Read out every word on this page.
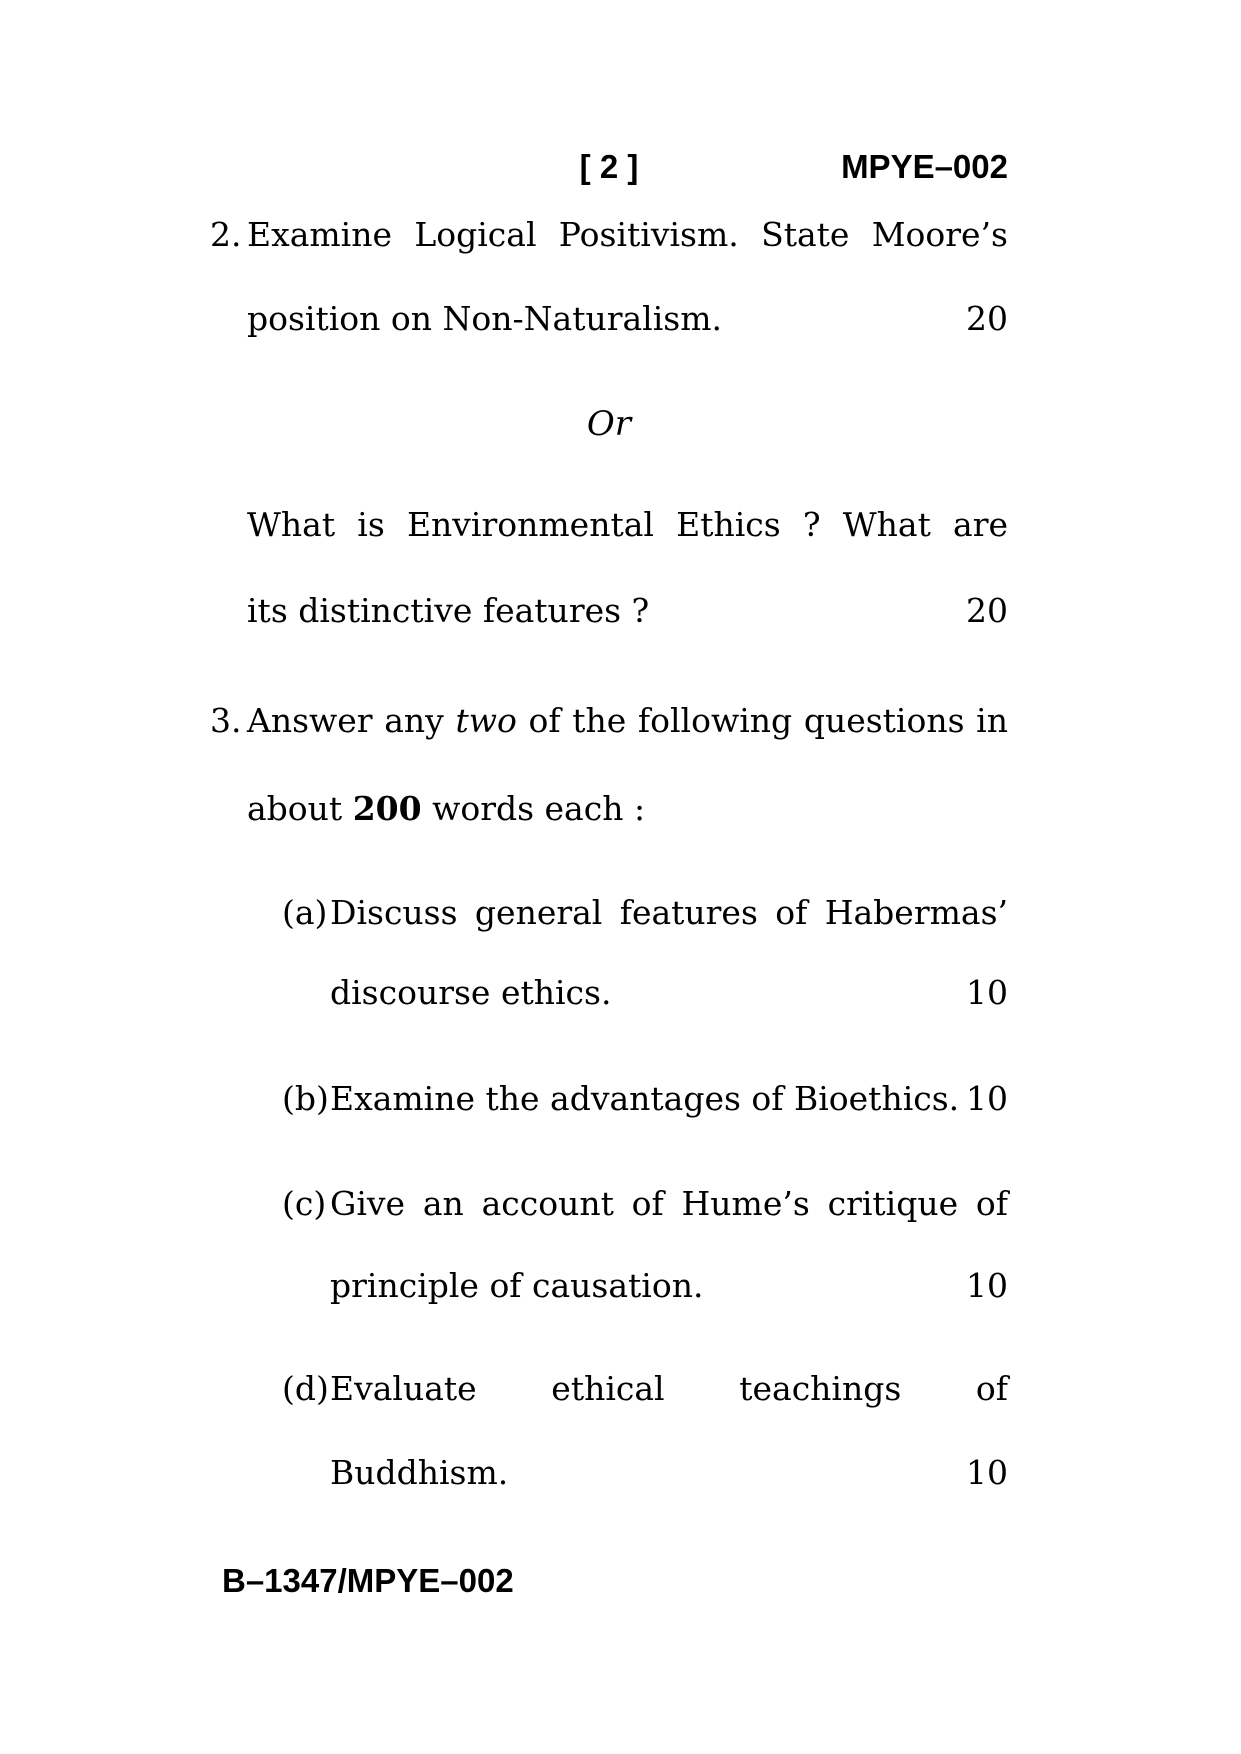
[ 2 ]	MPYE–002
2. Examine Logical Positivism. State Moore’s
position on Non-Naturalism.	20
Or
What is Environmental Ethics ? What are
its distinctive features ?	20
3. Answer any two of the following questions in
about 200 words each :
(a) Discuss general features of Habermas’
discourse ethics.	10
(b) Examine the advantages of Bioethics. 10
(c) Give an account of Hume’s critique of
principle of causation.	10
(d) Evaluate ethical teachings of
Buddhism.	10
B–1347/MPYE–002
